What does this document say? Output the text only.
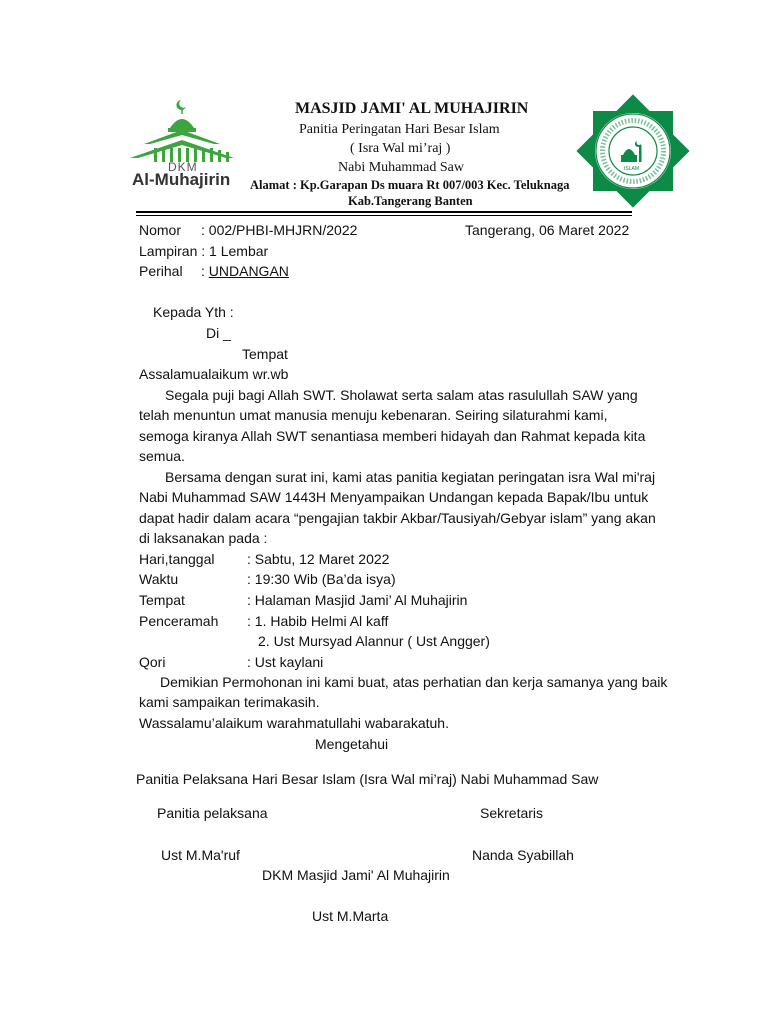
DKM
Al-Muhajirin
MASJID JAMI' AL MUHAJIRIN
Panitia Peringatan Hari Besar Islam
( Isra Wal mi’raj )
Nabi Muhammad Saw
Alamat : Kp.Garapan Ds muara Rt 007/003 Kec. Teluknaga
Kab.Tangerang Banten
ISLAM
Nomor : 002/PHBI-MHJRN/2022	Tangerang, 06 Maret 2022
Lampiran : 1 Lembar
Perihal : UNDANGAN
Kepada Yth :
Di _
Tempat
Assalamualaikum wr.wb
Segala puji bagi Allah SWT. Sholawat serta salam atas rasulullah SAW yang
telah menuntun umat manusia menuju kebenaran. Seiring silaturahmi kami,
semoga kiranya Allah SWT senantiasa memberi hidayah dan Rahmat kepada kita
semua.
Bersama dengan surat ini, kami atas panitia kegiatan peringatan isra Wal mi'raj
Nabi Muhammad SAW 1443H Menyampaikan Undangan kepada Bapak/Ibu untuk
dapat hadir dalam acara “pengajian takbir Akbar/Tausiyah/Gebyar islam” yang akan
di laksanakan pada :
Hari,tanggal : Sabtu, 12 Maret 2022
Waktu	: 19:30 Wib (Ba’da isya)
Tempat	: Halaman Masjid Jami’ Al Muhajirin
Penceramah : 1. Habib Helmi Al kaff
2. Ust Mursyad Alannur ( Ust Angger)
Qori	: Ust kaylani
Demikian Permohonan ini kami buat, atas perhatian dan kerja samanya yang baik
kami sampaikan terimakasih.
Wassalamu’alaikum warahmatullahi wabarakatuh.
Mengetahui
Panitia Pelaksana Hari Besar Islam (Isra Wal mi’raj) Nabi Muhammad Saw
Panitia pelaksana	Sekretaris
Ust M.Ma'ruf	Nanda Syabillah
DKM Masjid Jami' Al Muhajirin
Ust M.Marta
